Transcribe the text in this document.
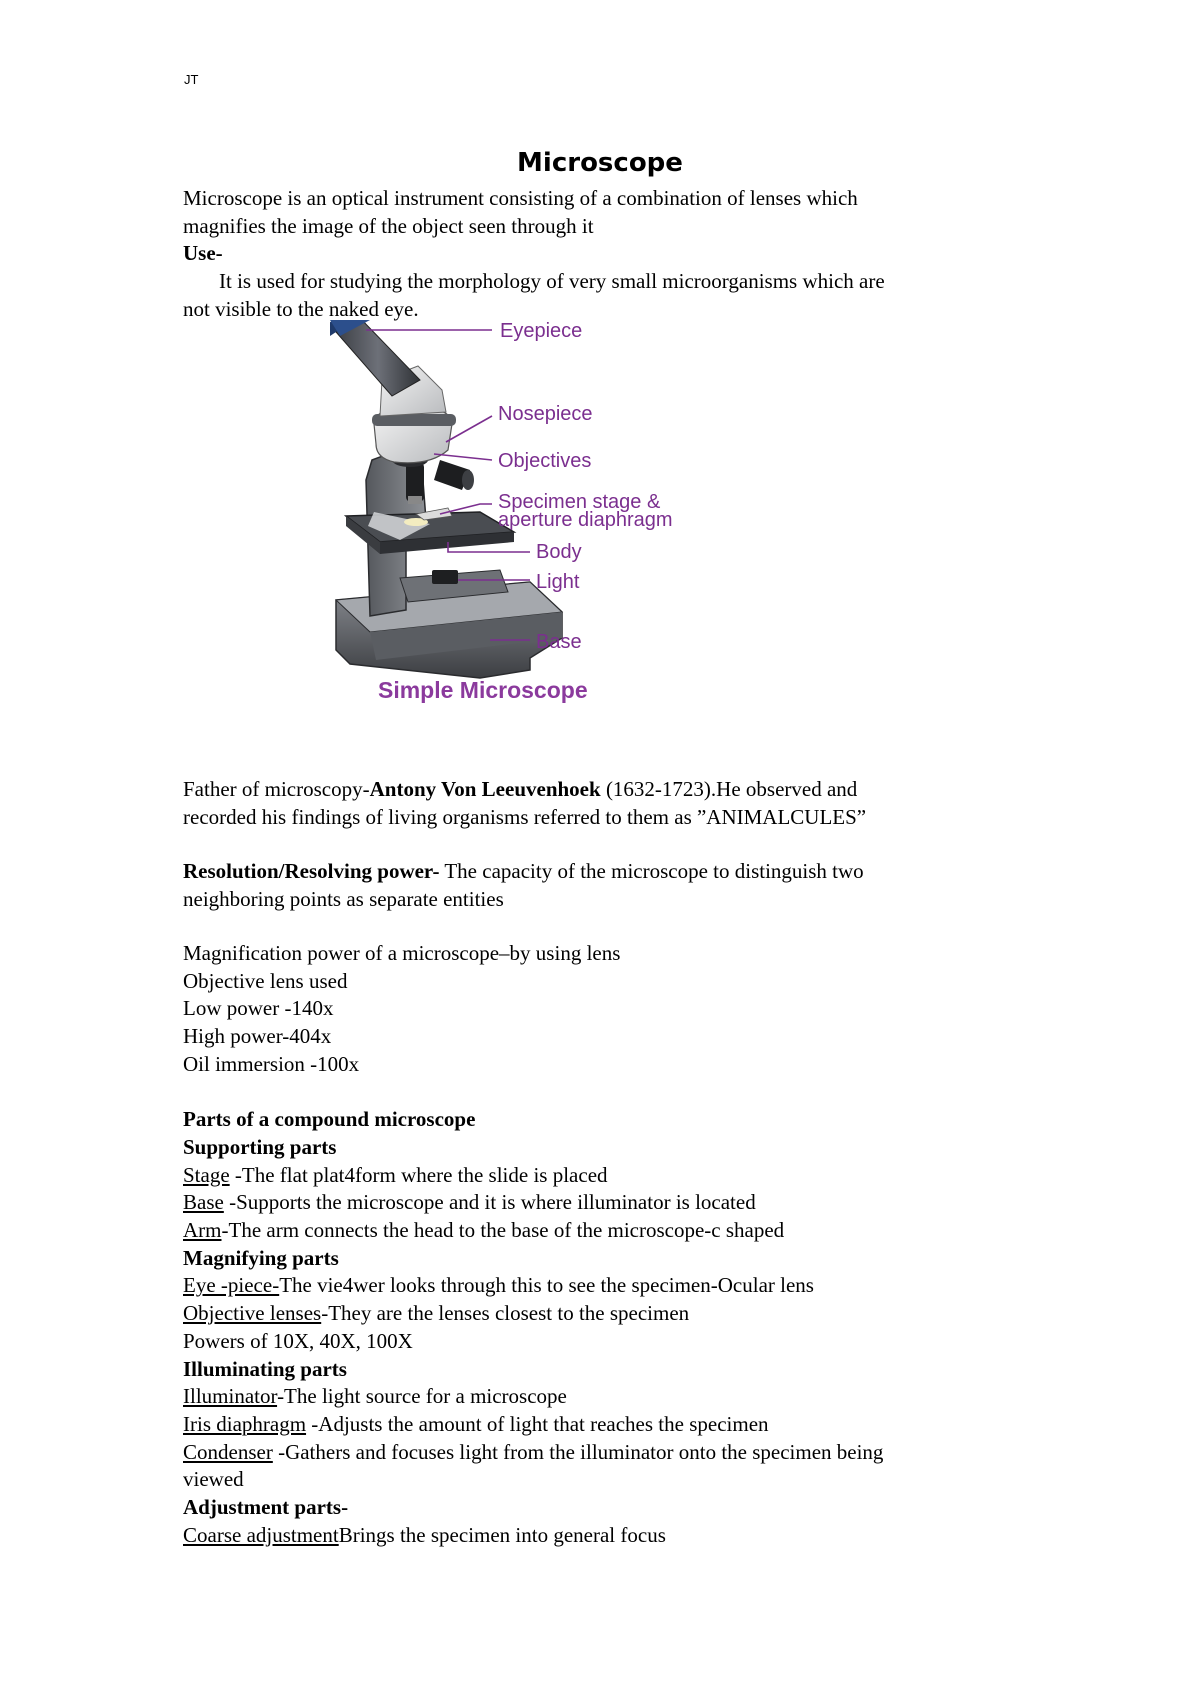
JT
Microscope
Microscope is an optical instrument consisting of a combination of lenses which
magnifies the image of the object seen through it
Use-
It is used for studying the morphology of very small microorganisms which are
not visible to the naked eye.
Eyepiece
Nosepiece
Objectives
Specimen stage &
aperture diaphragm
Body
Light
Base
Simple Microscope
Father of microscopy-Antony Von Leeuvenhoek (1632-1723).He observed and
recorded his findings of living organisms referred to them as ”ANIMALCULES”
Resolution/Resolving power- The capacity of the microscope to distinguish two
neighboring points as separate entities
Magnification power of a microscope–by using lens
Objective lens used
Low power -140x
High power-404x
Oil immersion -100x
Parts of a compound microscope
Supporting parts
Stage -The flat plat4form where the slide is placed
Base -Supports the microscope and it is where illuminator is located
Arm-The arm connects the head to the base of the microscope-c shaped
Magnifying parts
Eye -piece-The vie4wer looks through this to see the specimen-Ocular lens
Objective lenses-They are the lenses closest to the specimen
Powers of 10X, 40X, 100X
Illuminating parts
Illuminator-The light source for a microscope
Iris diaphragm -Adjusts the amount of light that reaches the specimen
Condenser -Gathers and focuses light from the illuminator onto the specimen being
viewed
Adjustment parts-
Coarse adjustmentBrings the specimen into general focus
